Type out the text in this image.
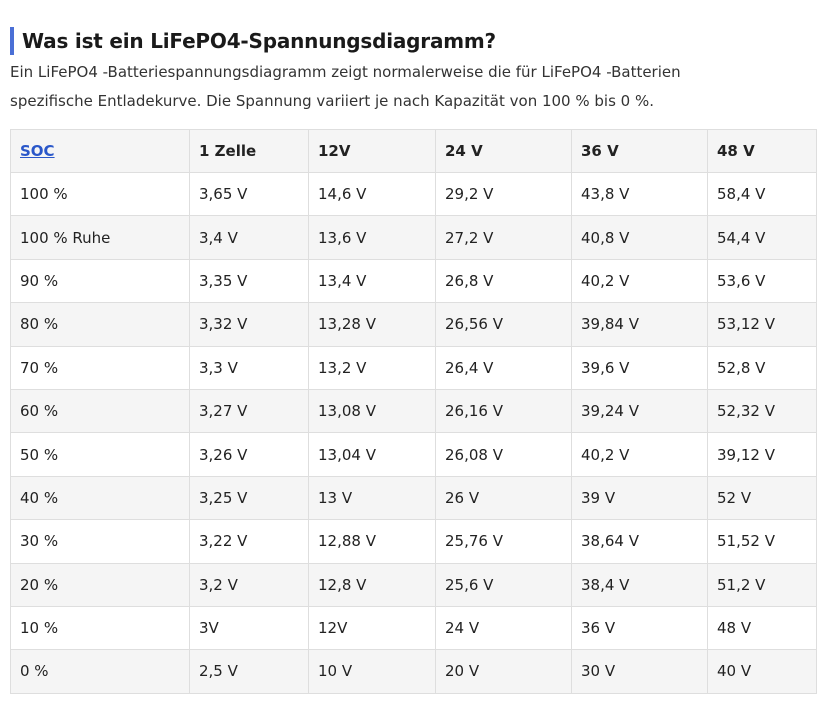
Was ist ein LiFePO4-Spannungsdiagramm?

Ein LiFePO4 -Batteriespannungsdiagramm zeigt normalerweise die für LiFePO4 -Batterien

spezifische Entladekurve. Die Spannung variiert je nach Kapazität von 100 % bis 0 %.

SOC	1 Zelle	12V	24 V	36 V	48 V
100 %	3,65 V	14,6 V	29,2 V	43,8 V	58,4 V
100 % Ruhe	3,4 V	13,6 V	27,2 V	40,8 V	54,4 V
90 %	3,35 V	13,4 V	26,8 V	40,2 V	53,6 V
80 %	3,32 V	13,28 V	26,56 V	39,84 V	53,12 V
70 %	3,3 V	13,2 V	26,4 V	39,6 V	52,8 V
60 %	3,27 V	13,08 V	26,16 V	39,24 V	52,32 V
50 %	3,26 V	13,04 V	26,08 V	40,2 V	39,12 V
40 %	3,25 V	13 V	26 V	39 V	52 V
30 %	3,22 V	12,88 V	25,76 V	38,64 V	51,52 V
20 %	3,2 V	12,8 V	25,6 V	38,4 V	51,2 V
10 %	3V	12V	24 V	36 V	48 V
0 %	2,5 V	10 V	20 V	30 V	40 V
